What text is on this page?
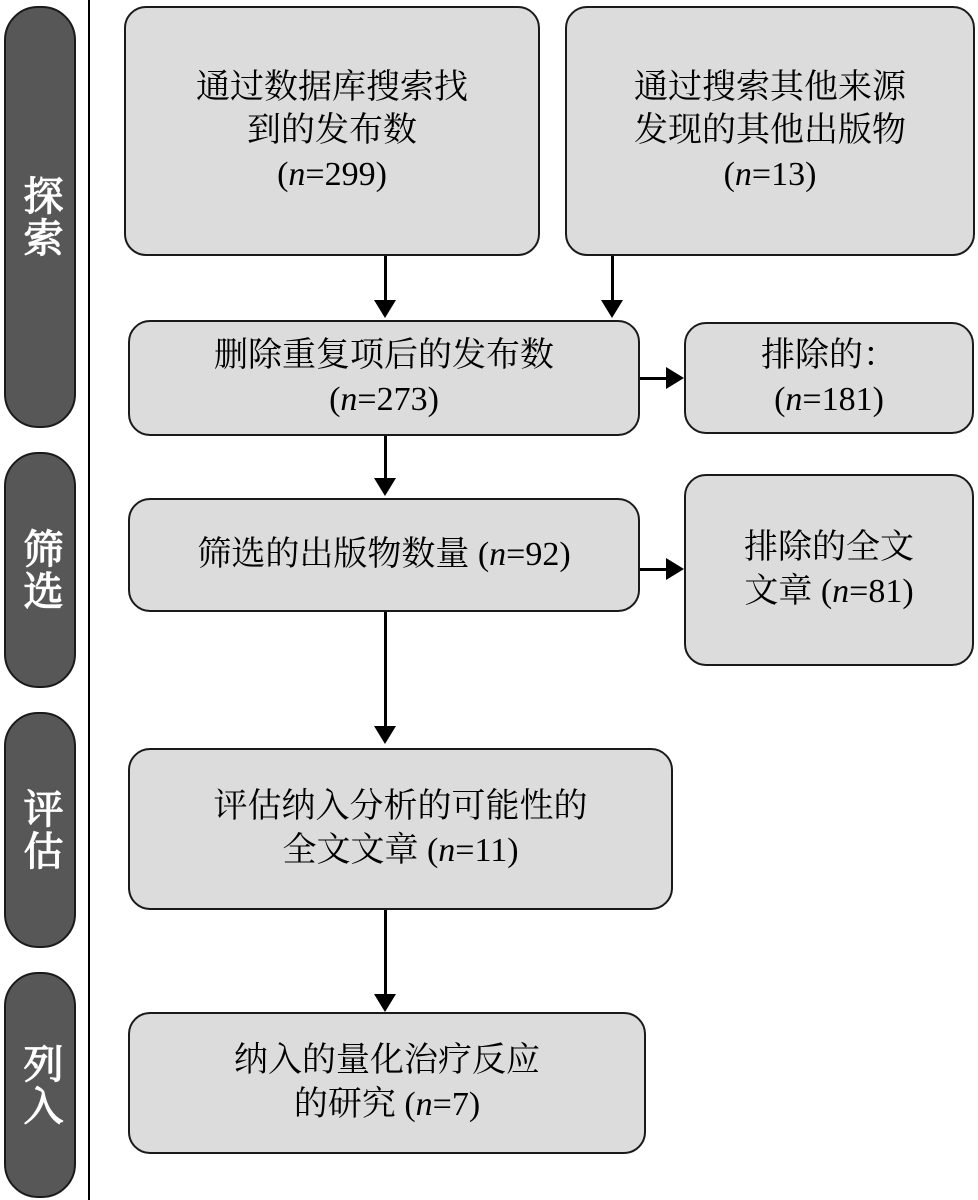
探索
筛选
评估
列入
通过数据库搜索找
到的发布数
(n=299)
通过搜索其他来源
发现的其他出版物
(n=13)
删除重复项后的发布数
(n=273)
排除的：
(n=181)
筛选的出版物数量 (n=92)	排除的全文
文章 (n=81)
评估纳入分析的可能性的
全文文章 (n=11)
纳入的量化治疗反应
的研究 (n=7)
